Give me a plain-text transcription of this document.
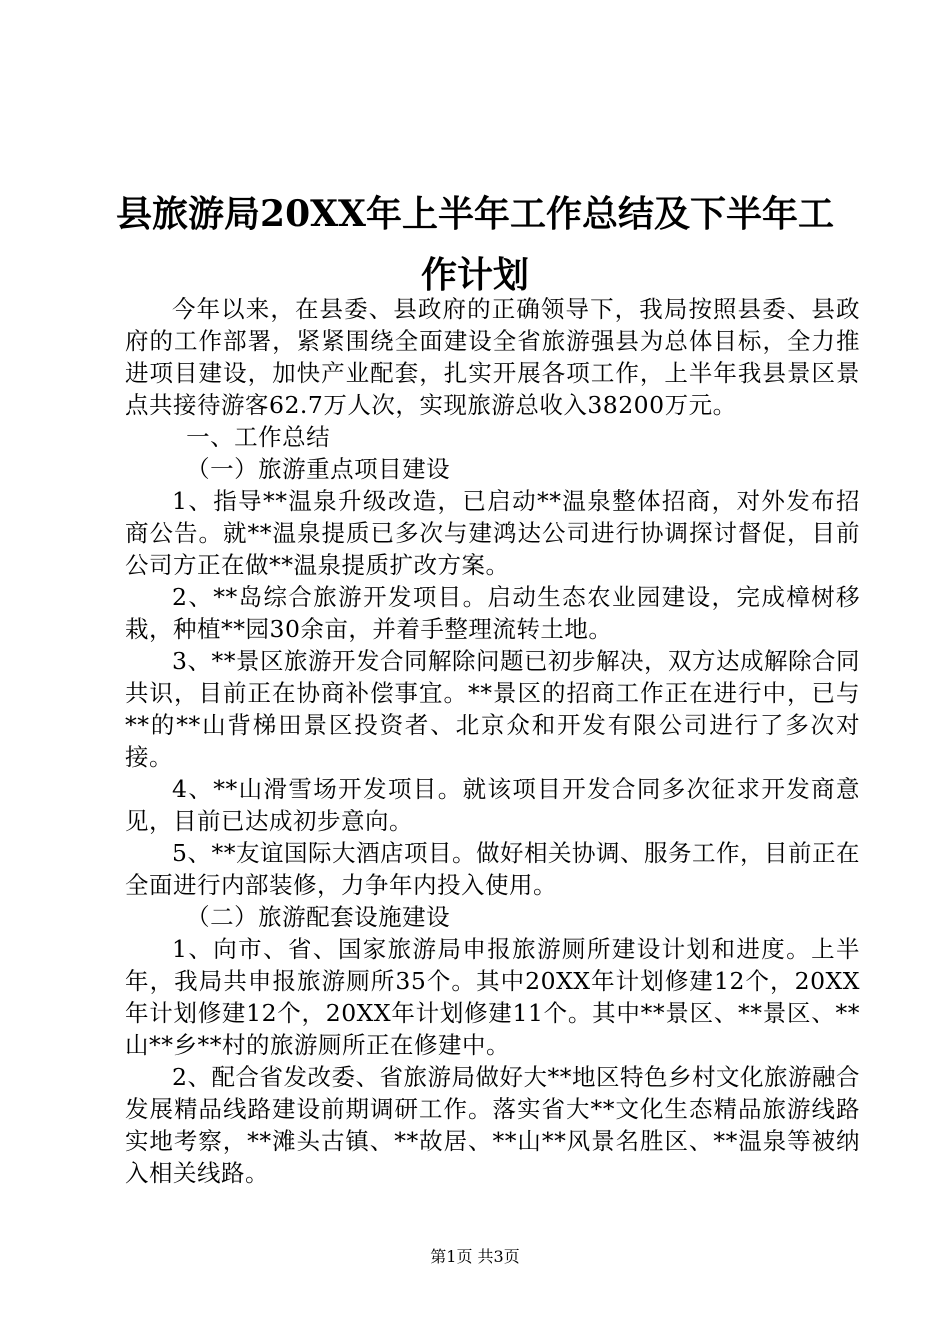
县旅游局20XX年上半年工作总结及下半年工
作计划

今年以来，在县委、县政府的正确领导下，我局按照县委、县政府的工作部署，紧紧围绕全面建设全省旅游强县为总体目标，全力推进项目建设，加快产业配套，扎实开展各项工作，上半年我县景区景点共接待游客62.7万人次，实现旅游总收入38200万元。

一、工作总结

（一）旅游重点项目建设

1、指导**温泉升级改造，已启动**温泉整体招商，对外发布招商公告。就**温泉提质已多次与建鸿达公司进行协调探讨督促，目前公司方正在做**温泉提质扩改方案。

2、**岛综合旅游开发项目。启动生态农业园建设，完成樟树移栽，种植**园30余亩，并着手整理流转土地。

3、**景区旅游开发合同解除问题已初步解决，双方达成解除合同共识，目前正在协商补偿事宜。**景区的招商工作正在进行中，已与**的**山背梯田景区投资者、北京众和开发有限公司进行了多次对接。

4、**山滑雪场开发项目。就该项目开发合同多次征求开发商意见，目前已达成初步意向。

5、**友谊国际大酒店项目。做好相关协调、服务工作，目前正在全面进行内部装修，力争年内投入使用。

（二）旅游配套设施建设

1、向市、省、国家旅游局申报旅游厕所建设计划和进度。上半年，我局共申报旅游厕所35个。其中20XX年计划修建12个，20XX年计划修建12个，20XX年计划修建11个。其中**景区、**景区、**山**乡**村的旅游厕所正在修建中。

2、配合省发改委、省旅游局做好大**地区特色乡村文化旅游融合发展精品线路建设前期调研工作。落实省大**文化生态精品旅游线路实地考察，**滩头古镇、**故居、**山**风景名胜区、**温泉等被纳入相关线路。

第1页 共3页
